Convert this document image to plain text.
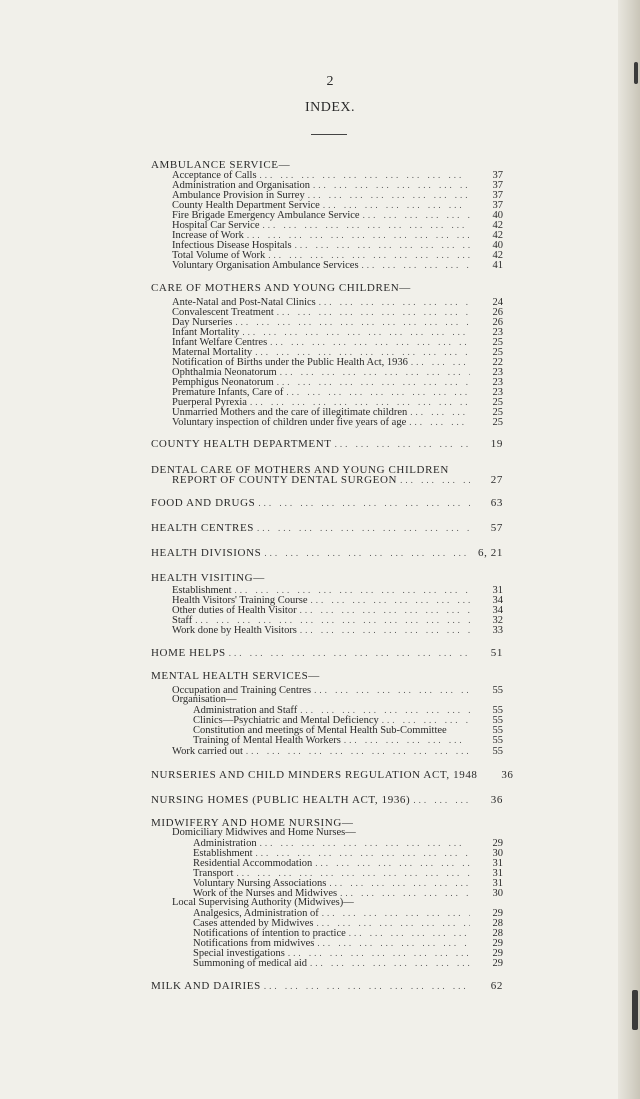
2
INDEX.
AMBULANCE SERVICE—
Acceptance of Calls ... .	37
Administration and Organisation ... .	37
Ambulance Provision in Surrey ... .	37
County Health Department Service ... .	37
Fire Brigade Emergency Ambulance Service ... .	40
Hospital Car Service ... .	42
Increase of Work ... .	42
Infectious Disease Hospitals ... .	40
Total Volume of Work ... .	42
Voluntary Organisation Ambulance Services ... .	41
CARE OF MOTHERS AND YOUNG CHILDREN—
Ante-Natal and Post-Natal Clinics ... .	24
Convalescent Treatment ... .	26
Day Nurseries ... .	26
Infant Mortality ... .	23
Infant Welfare Centres ... .	25
Maternal Mortality ... .	25
Notification of Births under the Public Health Act, 1936 ... .	22
Ophthalmia Neonatorum ... .	23
Pemphigus Neonatorum ... .	23
Premature Infants, Care of ... .	23
Puerperal Pyrexia ... .	25
Unmarried Mothers and the care of illegitimate children ... .	25
Voluntary inspection of children under five years of age ... .	25
COUNTY HEALTH DEPARTMENT ... .	19
DENTAL CARE OF MOTHERS AND YOUNG CHILDREN
REPORT OF COUNTY DENTAL SURGEON ... .	27
FOOD AND DRUGS ... .	63
HEALTH CENTRES ... .	57
HEALTH DIVISIONS ... .	6, 21
HEALTH VISITING—
Establishment ... .	31
Health Visitors' Training Course ... .	34
Other duties of Health Visitor ... .	34
Staff ... .	32
Work done by Health Visitors ... .	33
HOME HELPS ... .	51
MENTAL HEALTH SERVICES—
Occupation and Training Centres ... .	55
Organisation—
Administration and Staff ... .	55
Clinics—Psychiatric and Mental Deficiency ... .	55
Constitution and meetings of Mental Health Sub-Committee	55
Training of Mental Health Workers ... .	55
Work carried out ... .	55
NURSERIES AND CHILD MINDERS REGULATION ACT, 1948	36
NURSING HOMES (PUBLIC HEALTH ACT, 1936) ... .	36
MIDWIFERY AND HOME NURSING—
Domiciliary Midwives and Home Nurses—
Administration ... .	29
Establishment ... .	30
Residential Accommodation ... .	31
Transport ... .	31
Voluntary Nursing Associations ... .	31
Work of the Nurses and Midwives ... .	30
Local Supervising Authority (Midwives)—
Analgesics, Administration of ... .	29
Cases attended by Midwives ... .	28
Notifications of intention to practice ... .	28
Notifications from midwives ... .	29
Special investigations ... .	29
Summoning of medical aid ... .	29
MILK AND DAIRIES ... .	62
